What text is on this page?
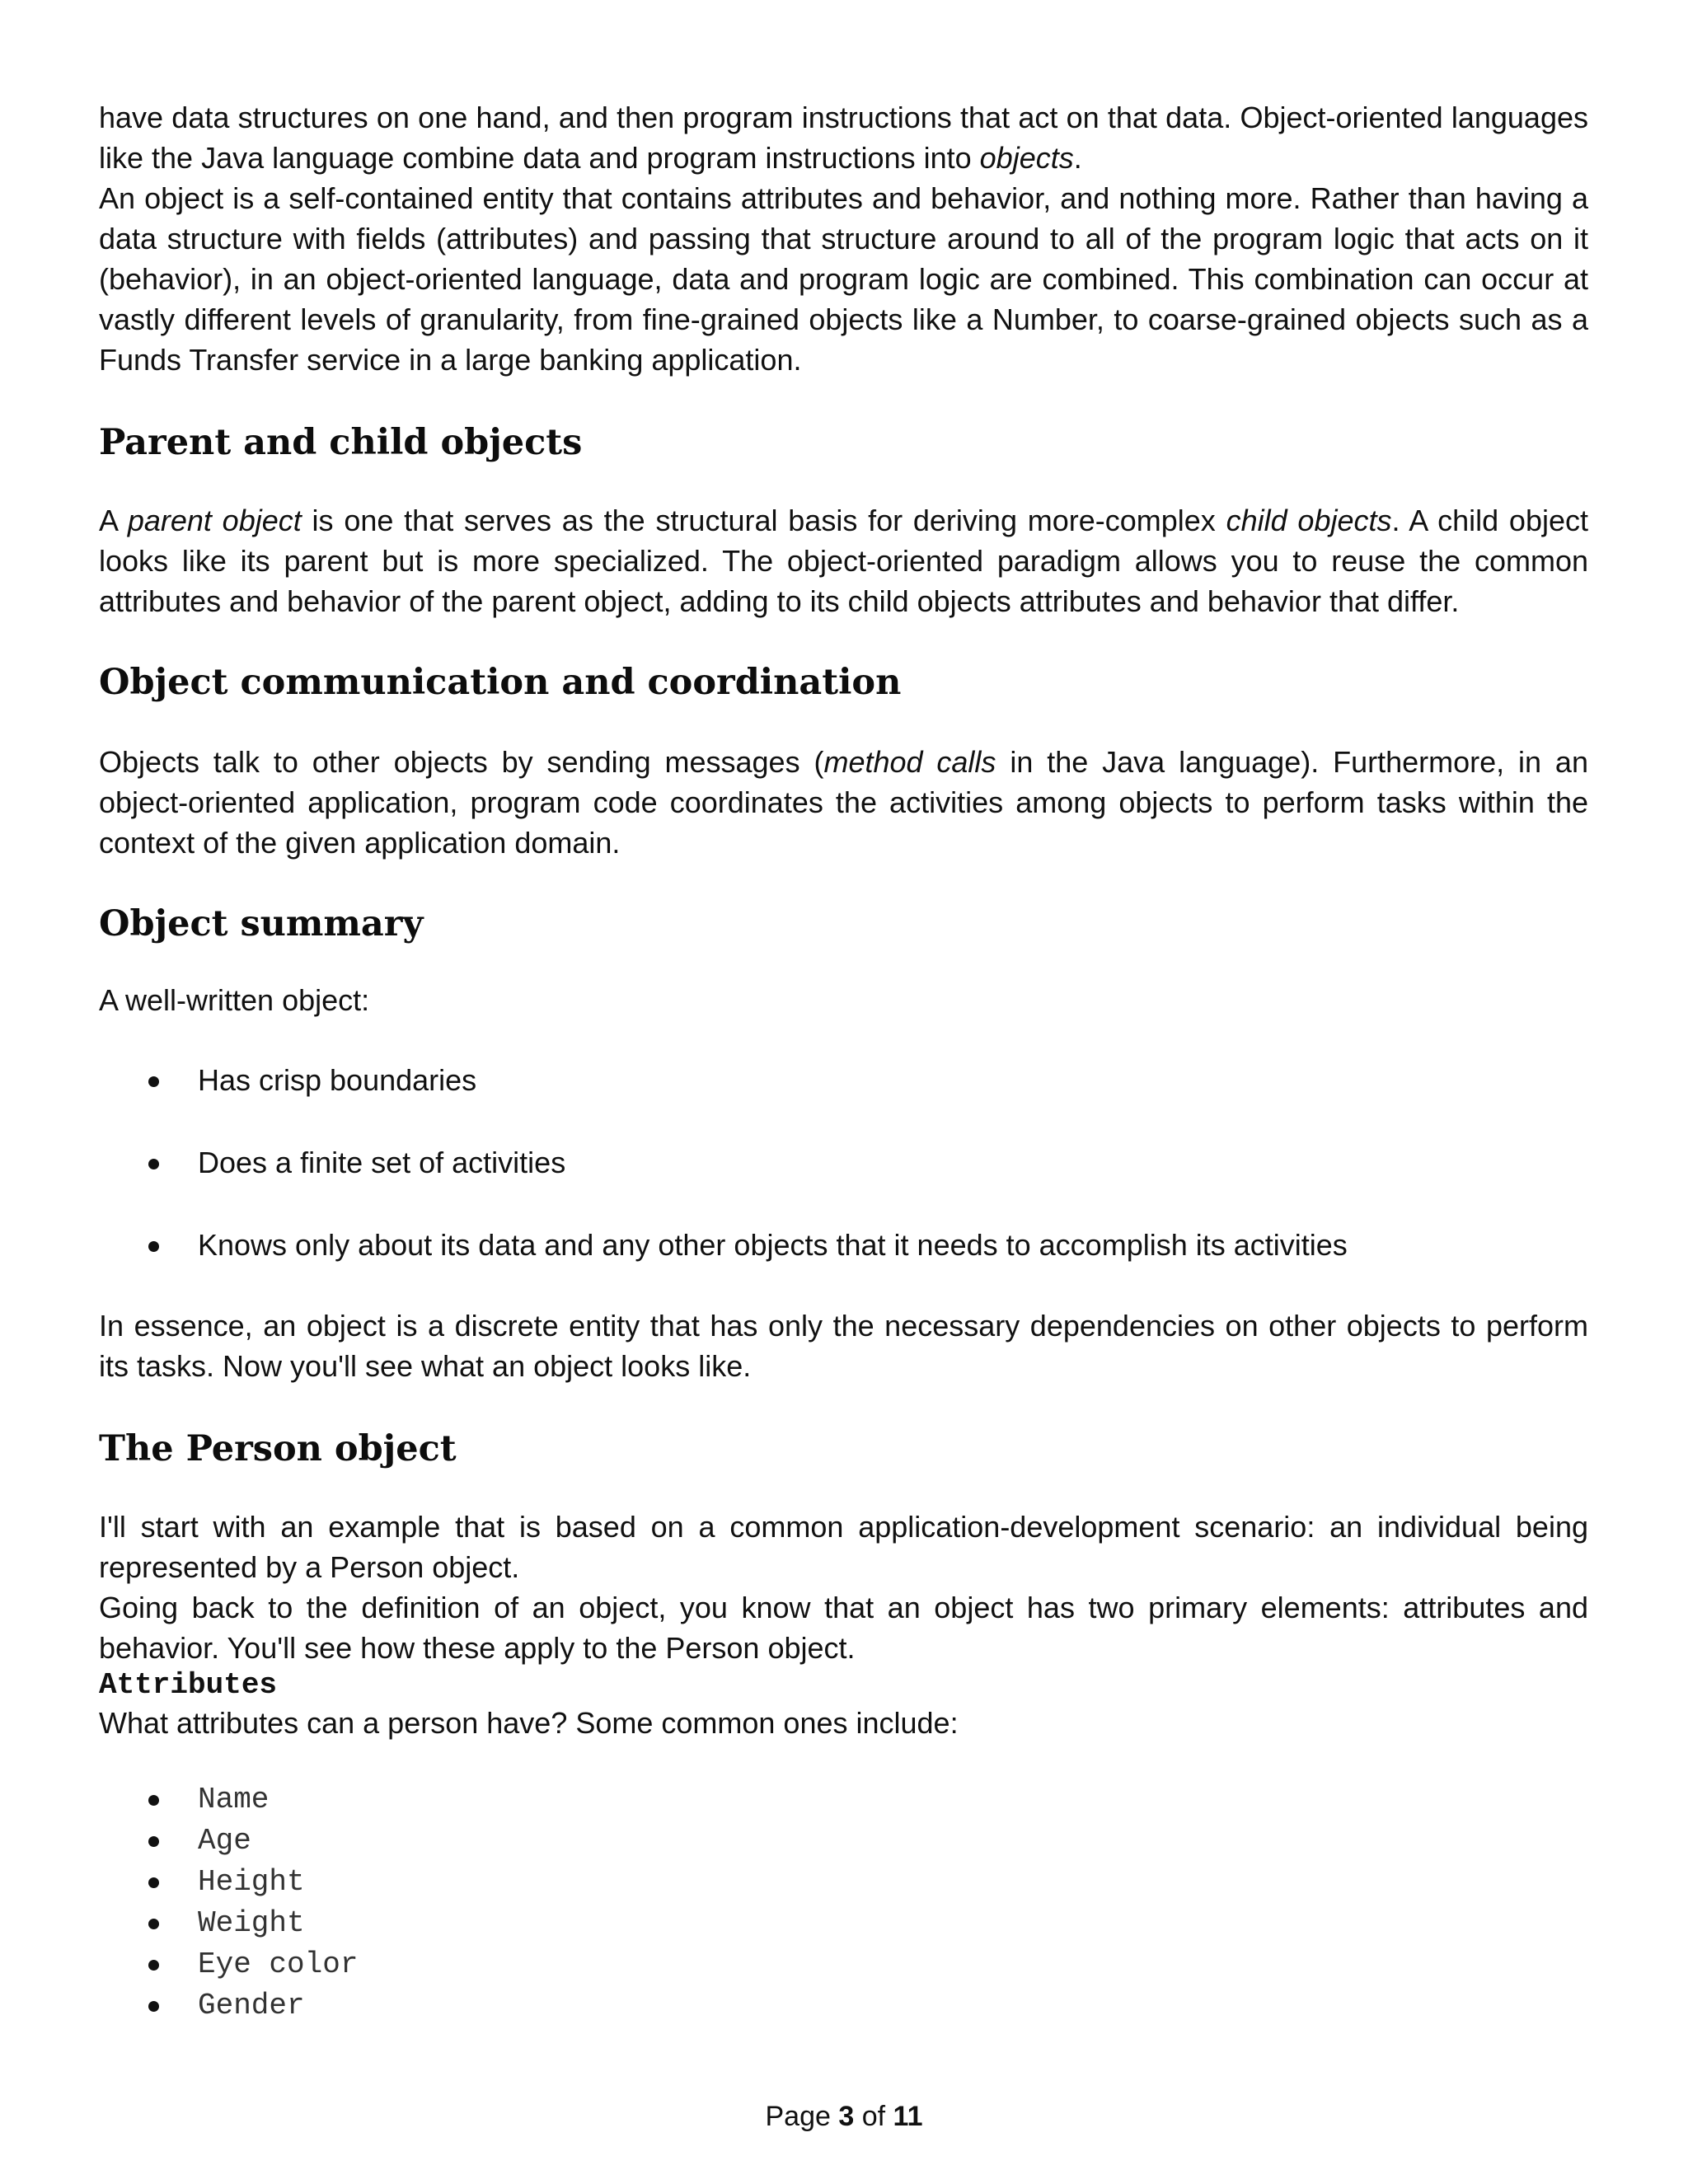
have data structures on one hand, and then program instructions that act on that data. Object-oriented languages like the Java language combine data and program instructions into objects.

An object is a self-contained entity that contains attributes and behavior, and nothing more. Rather than having a data structure with fields (attributes) and passing that structure around to all of the program logic that acts on it (behavior), in an object-oriented language, data and program logic are combined. This combination can occur at vastly different levels of granularity, from fine-grained objects like a Number, to coarse-grained objects such as a Funds Transfer service in a large banking application.

Parent and child objects

A parent object is one that serves as the structural basis for deriving more-complex child objects. A child object looks like its parent but is more specialized. The object-oriented paradigm allows you to reuse the common attributes and behavior of the parent object, adding to its child objects attributes and behavior that differ.

Object communication and coordination

Objects talk to other objects by sending messages (method calls in the Java language). Furthermore, in an object-oriented application, program code coordinates the activities among objects to perform tasks within the context of the given application domain.

Object summary

A well-written object:

Has crisp boundaries
Does a finite set of activities
Knows only about its data and any other objects that it needs to accomplish its activities

In essence, an object is a discrete entity that has only the necessary dependencies on other objects to perform its tasks. Now you'll see what an object looks like.

The Person object

I'll start with an example that is based on a common application-development scenario: an individual being represented by a Person object.

Going back to the definition of an object, you know that an object has two primary elements: attributes and behavior. You'll see how these apply to the Person object.

Attributes

What attributes can a person have? Some common ones include:

Name
Age
Height
Weight
Eye color
Gender
Page 3 of 11
